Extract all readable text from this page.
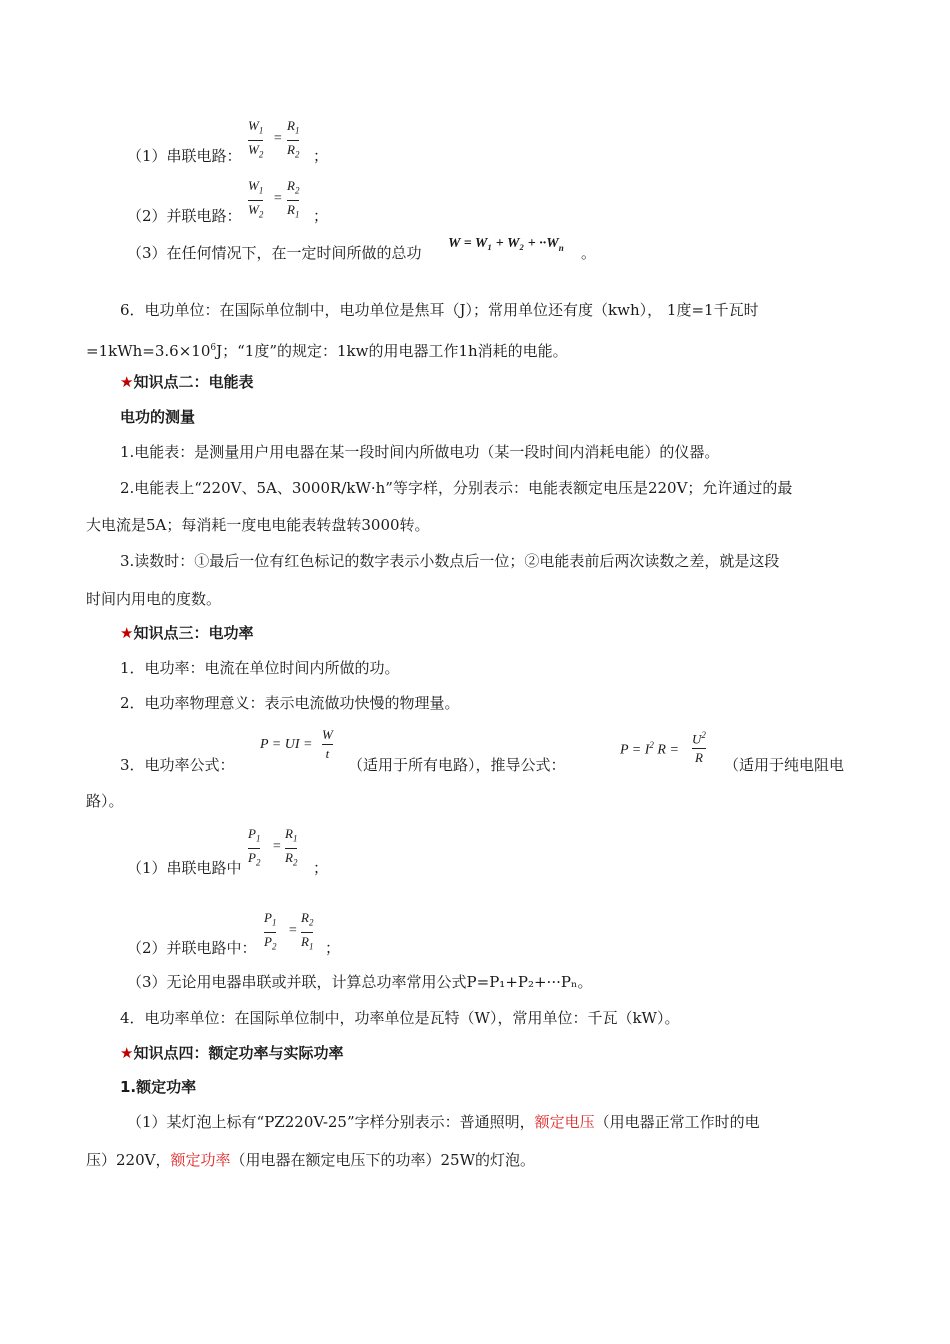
$W_1$
$W_2$
=
$R_1$
$R_2$
（1）串联电路：	；
$W_1$
$W_2$
=
$R_2$
$R_1$
（2）并联电路：	；
（3）在任何情况下，在一定时间所做的总功
$W = W_1 + W_2 + \cdot\cdot W_n$ 。
6．电功单位：在国际单位制中，电功单位是焦耳（J）；常用单位还有度（kwh）， 1度=1千瓦时
$=1kWh=3.6\times 10^6J$；“1度”的规定：1kw的用电器工作1h消耗的电能。
★知识点二：电能表
电功的测量
1.电能表：是测量用户用电器在某一段时间内所做电功（某一段时间内消耗电能）的仪器。
2.电能表上“220V、5A、3000R/kW·h”等字样，分别表示：电能表额定电压是220V；允许通过的最
大电流是5A；每消耗一度电电能表转盘转3000转。
3.读数时：①最后一位有红色标记的数字表示小数点后一位；②电能表前后两次读数之差，就是这段
时间内用电的度数。
★知识点三：电功率
1．电功率：电流在单位时间内所做的功。
2．电功率物理意义：表示电流做功快慢的物理量。
3．电功率公式：
P = UI =
W
t
（适用于所有电路），推导公式：
$P = I^2$ R =
$U^2$
R （适用于纯电阻电
路）。
$P_1$
$P_2$
=
$R_1$
$R_2$
（1）串联电路中	；
$P_1$
$P_2$
=
$R_2$
$R_1$
（2）并联电路中：	；
（3）无论用电器串联或并联，计算总功率常用公式P=P₁+P₂+···Pₙ。
4．电功率单位：在国际单位制中，功率单位是瓦特（W），常用单位：千瓦（kW）。
★知识点四：额定功率与实际功率
1.额定功率
（1）某灯泡上标有“PZ220V-25”字样分别表示：普通照明，额定电压（用电器正常工作时的电
压）220V，额定功率（用电器在额定电压下的功率）25W的灯泡。
